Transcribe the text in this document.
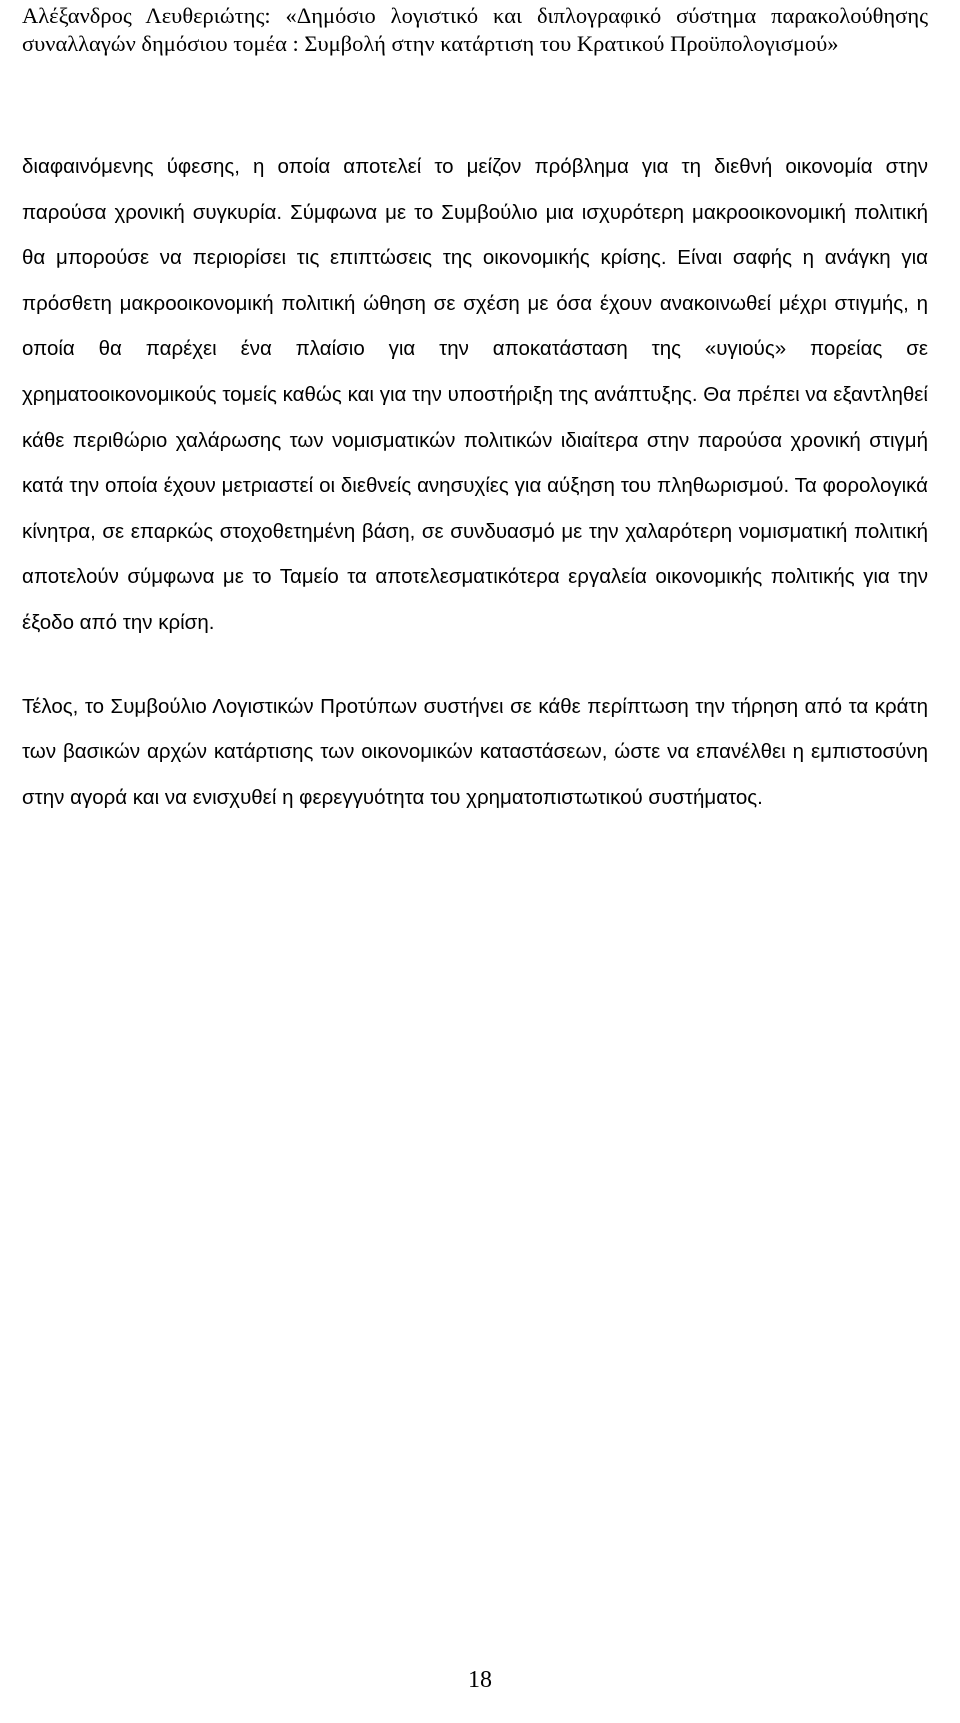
Αλέξανδρος Λευθεριώτης: «Δημόσιο λογιστικό και διπλογραφικό σύστημα παρακολούθησης συναλλαγών δημόσιου τομέα : Συμβολή στην κατάρτιση του Κρατικού Προϋπολογισμού»

διαφαινόμενης ύφεσης, η οποία αποτελεί το μείζον πρόβλημα για τη διεθνή οικονομία στην παρούσα χρονική συγκυρία. Σύμφωνα με το Συμβούλιο μια ισχυρότερη μακροοικονομική πολιτική θα μπορούσε να περιορίσει τις επιπτώσεις της οικονομικής κρίσης. Είναι σαφής η ανάγκη για πρόσθετη μακροοικονομική πολιτική ώθηση σε σχέση με όσα έχουν ανακοινωθεί μέχρι στιγμής, η οποία θα παρέχει ένα πλαίσιο για την αποκατάσταση της «υγιούς» πορείας σε χρηματοοικονομικούς τομείς καθώς και για την υποστήριξη της ανάπτυξης. Θα πρέπει να εξαντληθεί κάθε περιθώριο χαλάρωσης των νομισματικών πολιτικών ιδιαίτερα στην παρούσα χρονική στιγμή κατά την οποία έχουν μετριαστεί οι διεθνείς ανησυχίες για αύξηση του πληθωρισμού. Τα φορολογικά κίνητρα, σε επαρκώς στοχοθετημένη βάση, σε συνδυασμό με την χαλαρότερη νομισματική πολιτική αποτελούν σύμφωνα με το Ταμείο τα αποτελεσματικότερα εργαλεία οικονομικής πολιτικής για την έξοδο από την κρίση.

Τέλος, το Συμβούλιο Λογιστικών Προτύπων συστήνει σε κάθε περίπτωση την τήρηση από τα κράτη των βασικών αρχών κατάρτισης των οικονομικών καταστάσεων, ώστε να επανέλθει η εμπιστοσύνη στην αγορά και να ενισχυθεί η φερεγγυότητα του χρηματοπιστωτικού συστήματος.

18
